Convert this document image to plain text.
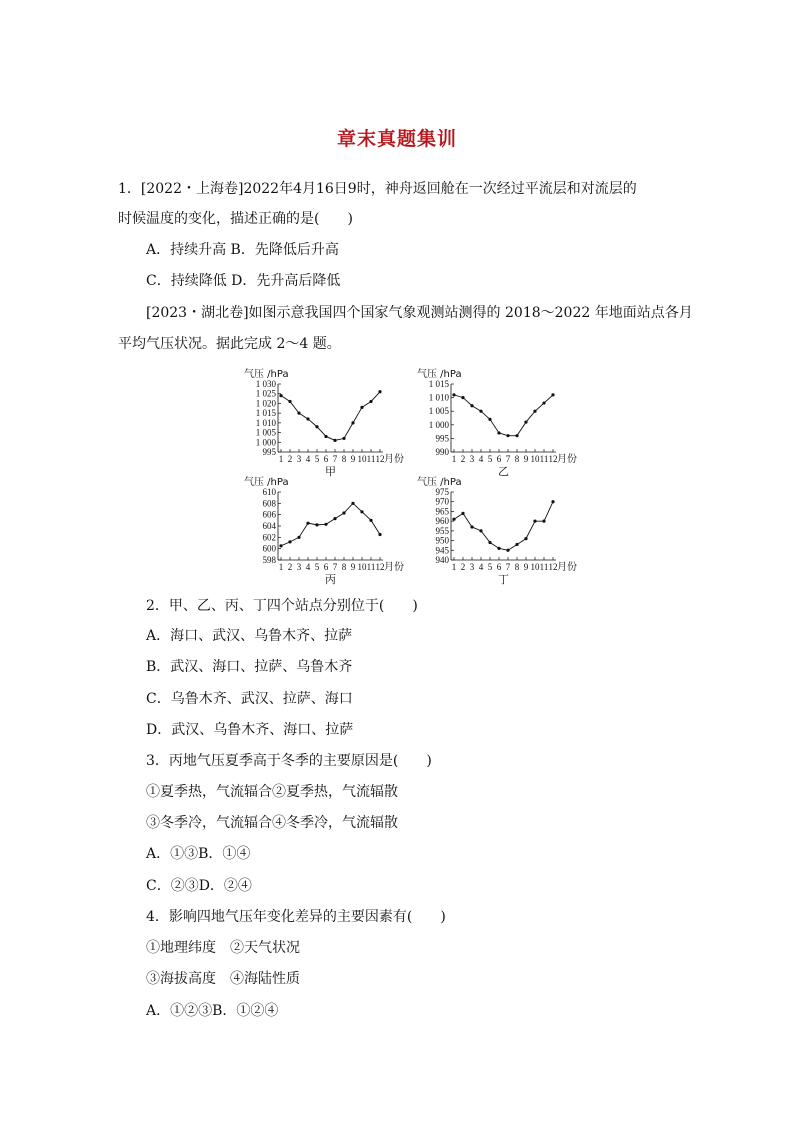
章末真题集训
1．[2022・上海卷]2022年4月16日9时，神舟返回舱在一次经过平流层和对流层的
时候温度的变化，描述正确的是(　　)
A．持续升高 B．先降低后升高
C．持续降低 D．先升高后降低
[2023・湖北卷]如图示意我国四个国家气象观测站测得的 2018～2022 年地面站点各月
平均气压状况。据此完成 2～4 题。
气压 /hPa
1 030
1 025
1 020
1 015
1 010
1 005
1 000
995
1 2 3 4 5 6 7 8 9 10 11 12 月份
甲
气压 /hPa
1 015
1 010
1 005
1 000
995
990
1 2 3 4 5 6 7 8 9 10 11 12 月份
乙
气压 /hPa
610
608
606
604
602
600
598
1 2 3 4 5 6 7 8 9 10 11 12 月份
丙
气压 /hPa
975
970
965
960
955
950
945
940
1 2 3 4 5 6 7 8 9 10 11 12 月份
丁
2．甲、乙、丙、丁四个站点分别位于(　　)
A．海口、武汉、乌鲁木齐、拉萨
B．武汉、海口、拉萨、乌鲁木齐
C．乌鲁木齐、武汉、拉萨、海口
D．武汉、乌鲁木齐、海口、拉萨
3．丙地气压夏季高于冬季的主要原因是(　　)
①夏季热，气流辐合②夏季热，气流辐散
③冬季冷，气流辐合④冬季冷，气流辐散
A．①③B．①④
C．②③D．②④
4．影响四地气压年变化差异的主要因素有(　　)
①地理纬度　②天气状况
③海拔高度　④海陆性质
A．①②③B．①②④
